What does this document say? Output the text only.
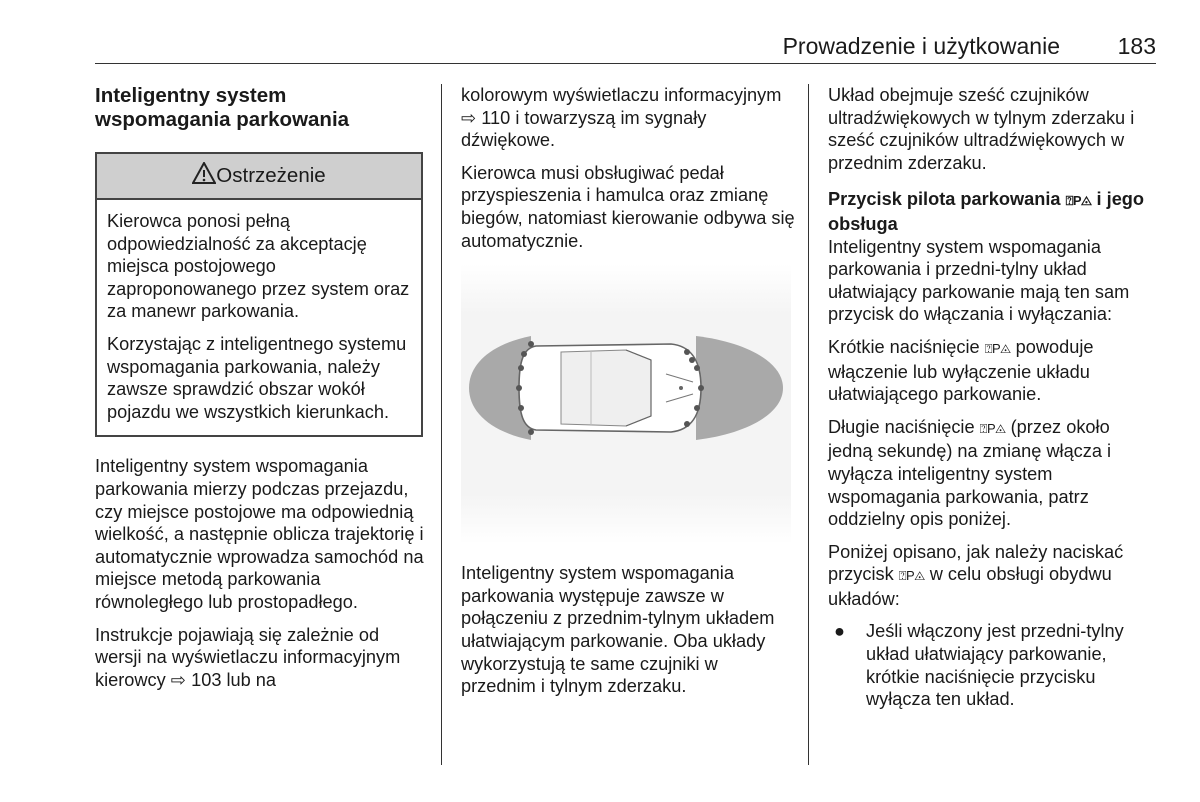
Prowadzenie i użytkowanie	183
Inteligentny system wspomagania parkowania
Ostrzeżenie

Kierowca ponosi pełną odpowiedzialność za akceptację miejsca postojowego zaproponowanego przez system oraz za manewr parkowania.

Korzystając z inteligentnego systemu wspomagania parkowania, należy zawsze sprawdzić obszar wokół pojazdu we wszystkich kierunkach.

Inteligentny system wspomagania parkowania mierzy podczas przejazdu, czy miejsce postojowe ma odpowiednią wielkość, a następnie oblicza trajektorię i automatycznie wprowadza samochód na miejsce metodą parkowania równoległego lub prostopadłego.

Instrukcje pojawiają się zależnie od wersji na wyświetlaczu informacyjnym kierowcy ⇨ 103 lub na

kolorowym wyświetlaczu informacyjnym ⇨ 110 i towarzyszą im sygnały dźwiękowe.

Kierowca musi obsługiwać pedał przyspieszenia i hamulca oraz zmianę biegów, natomiast kierowanie odbywa się automatycznie.

Inteligentny system wspomagania parkowania występuje zawsze w połączeniu z przednim-tylnym układem ułatwiającym parkowanie. Oba układy wykorzystują te same czujniki w przednim i tylnym zderzaku.

Układ obejmuje sześć czujników ultradźwiękowych w tylnym zderzaku i sześć czujników ultradźwiękowych w przednim zderzaku.

Przycisk pilota parkowania ⍰P◬ i jego obsługa

Inteligentny system wspomagania parkowania i przedni-tylny układ ułatwiający parkowanie mają ten sam przycisk do włączania i wyłączania:

Krótkie naciśnięcie ⍰P◬ powoduje włączenie lub wyłączenie układu ułatwiającego parkowanie.

Długie naciśnięcie ⍰P◬ (przez około jedną sekundę) na zmianę włącza i wyłącza inteligentny system wspomagania parkowania, patrz oddzielny opis poniżej.

Poniżej opisano, jak należy naciskać przycisk ⍰P◬ w celu obsługi obydwu układów:

● Jeśli włączony jest przedni-tylny układ ułatwiający parkowanie, krótkie naciśnięcie przycisku wyłącza ten układ.
